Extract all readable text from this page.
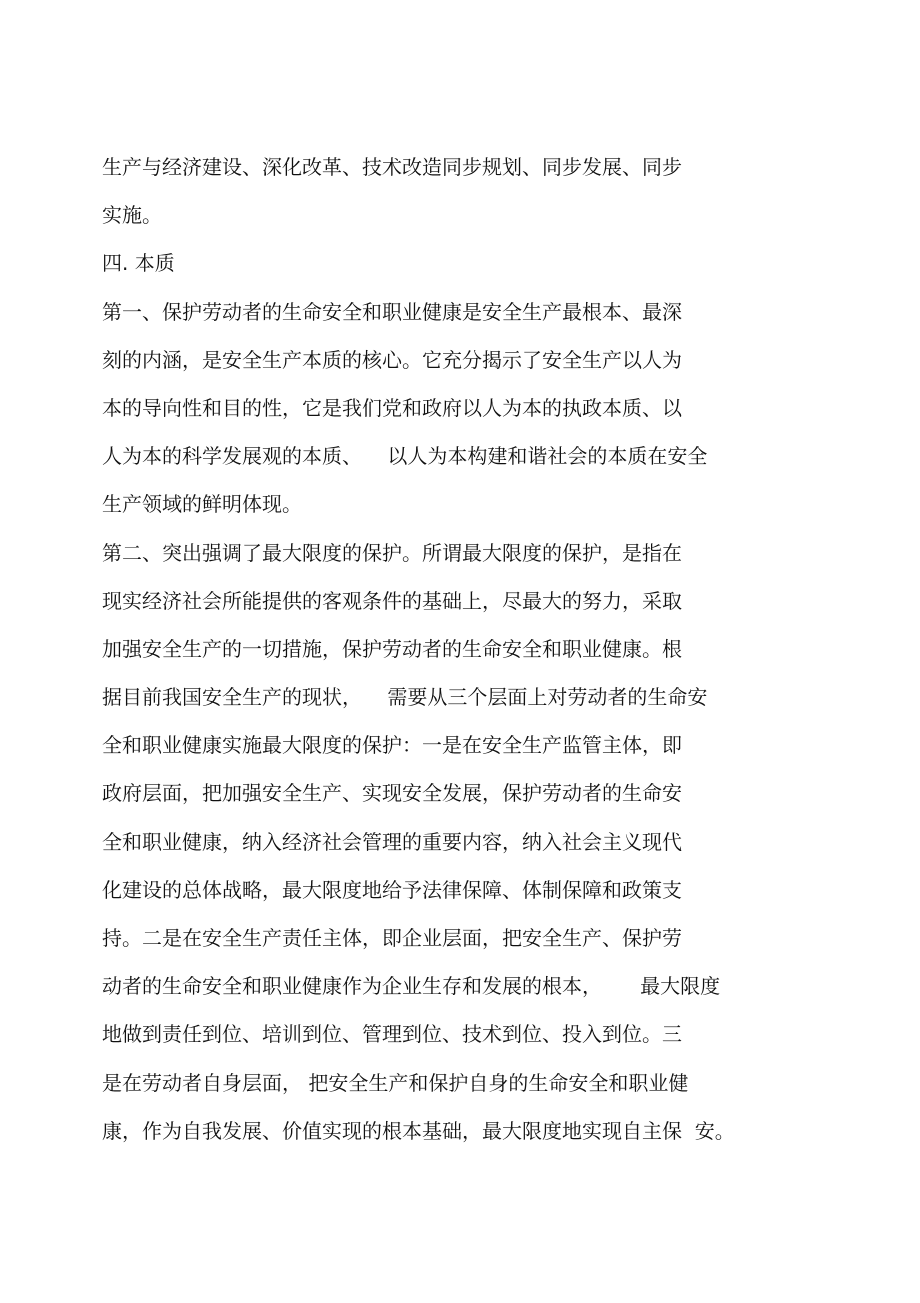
生产与经济建设、深化改革、技术改造同步规划、同步发展、同步
实施。
四. 本质
第一、保护劳动者的生命安全和职业健康是安全生产最根本、最深
刻的内涵，是安全生产本质的核心。它充分揭示了安全生产以人为
本的导向性和目的性，它是我们党和政府以人为本的执政本质、以
人为本的科学发展观的本质、    以人为本构建和谐社会的本质在安全
生产领域的鲜明体现。
第二、突出强调了最大限度的保护。所谓最大限度的保护，是指在
现实经济社会所能提供的客观条件的基础上，尽最大的努力，采取
加强安全生产的一切措施，保护劳动者的生命安全和职业健康。根
据目前我国安全生产的现状，    需要从三个层面上对劳动者的生命安
全和职业健康实施最大限度的保护：一是在安全生产监管主体，即
政府层面，把加强安全生产、实现安全发展，保护劳动者的生命安
全和职业健康，纳入经济社会管理的重要内容，纳入社会主义现代
化建设的总体战略，最大限度地给予法律保障、体制保障和政策支
持。二是在安全生产责任主体，即企业层面，把安全生产、保护劳
动者的生命安全和职业健康作为企业生存和发展的根本，      最大限度
地做到责任到位、培训到位、管理到位、技术到位、投入到位。三
是在劳动者自身层面， 把安全生产和保护自身的生命安全和职业健
康，作为自我发展、价值实现的根本基础，最大限度地实现自主保  安。
